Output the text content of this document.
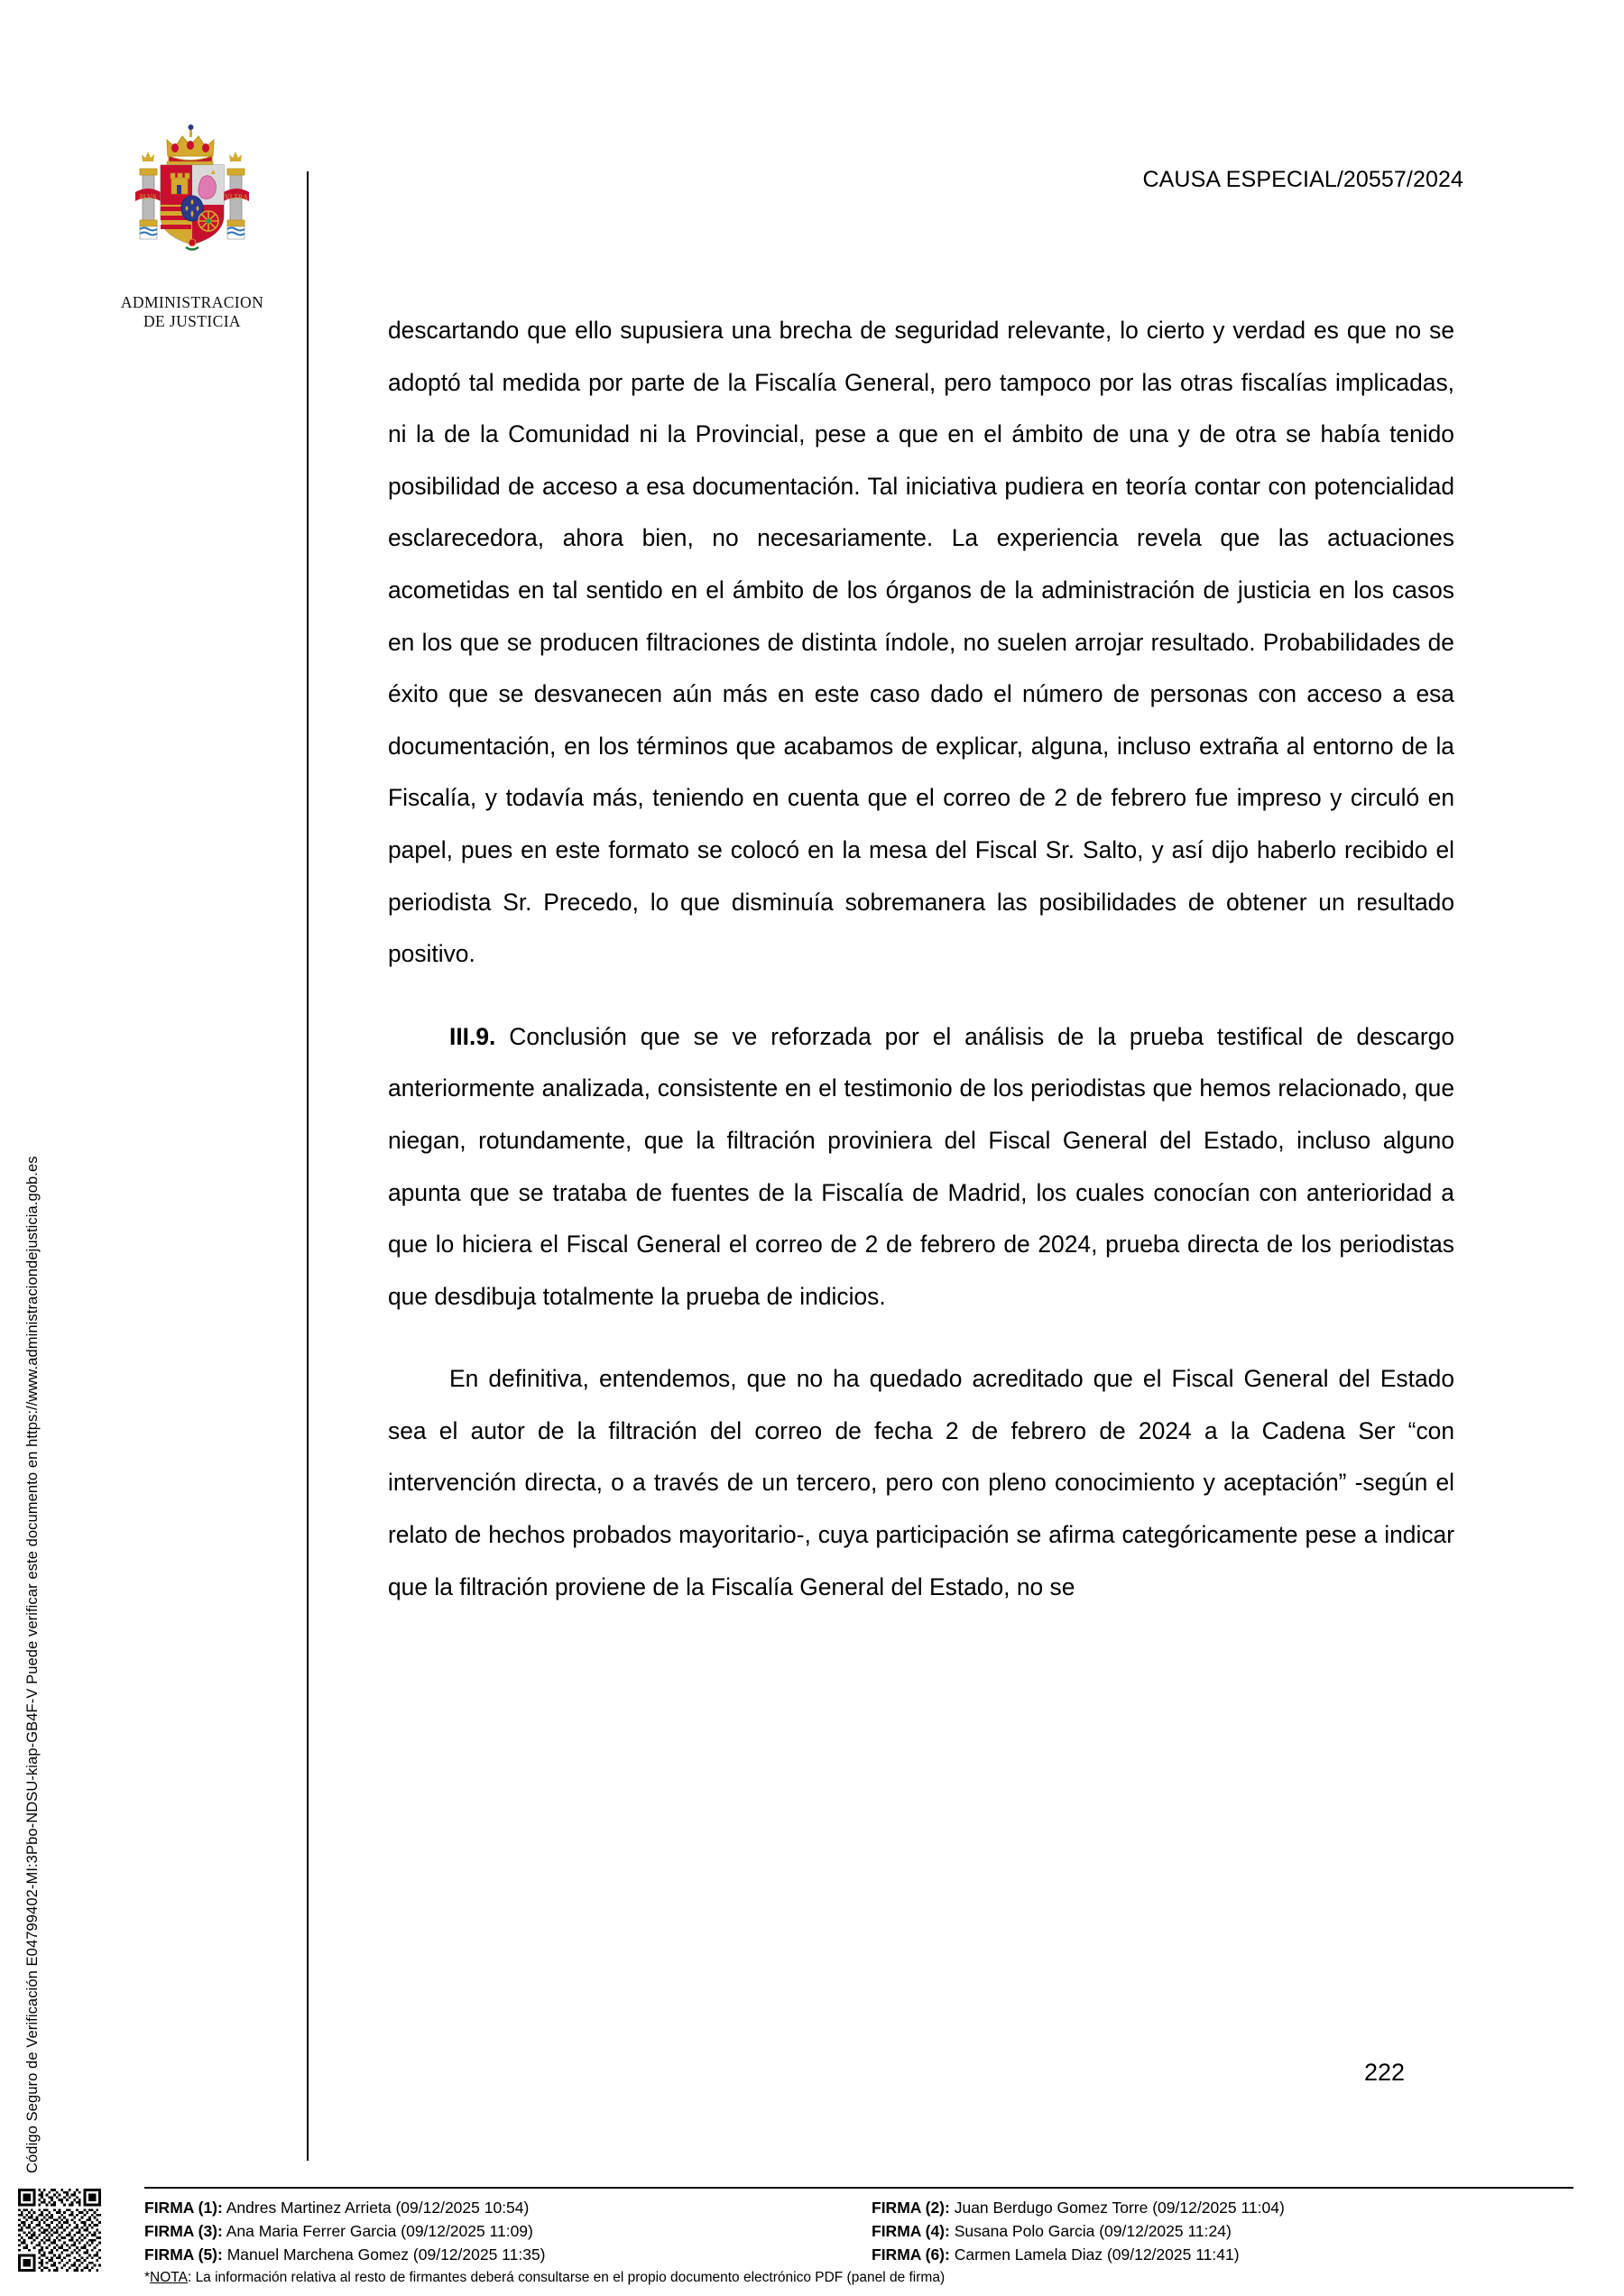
Código Seguro de Verificación E04799402-MI:3Pbo-NDSU-kiap-GB4F-V Puede verificar este documento en https://www.administraciondejusticia.gob.es
PLVS	VLTRA
ADMINISTRACION
DE JUSTICIA
CAUSA ESPECIAL/20557/2024

descartando que ello supusiera una brecha de seguridad relevante, lo cierto y verdad es que no se adoptó tal medida por parte de la Fiscalía General, pero tampoco por las otras fiscalías implicadas, ni la de la Comunidad ni la Provincial, pese a que en el ámbito de una y de otra se había tenido posibilidad de acceso a esa documentación. Tal iniciativa pudiera en teoría contar con potencialidad esclarecedora, ahora bien, no necesariamente. La experiencia revela que las actuaciones acometidas en tal sentido en el ámbito de los órganos de la administración de justicia en los casos en los que se producen filtraciones de distinta índole, no suelen arrojar resultado. Probabilidades de éxito que se desvanecen aún más en este caso dado el número de personas con acceso a esa documentación, en los términos que acabamos de explicar, alguna, incluso extraña al entorno de la Fiscalía, y todavía más, teniendo en cuenta que el correo de 2 de febrero fue impreso y circuló en papel, pues en este formato se colocó en la mesa del Fiscal Sr. Salto, y así dijo haberlo recibido el periodista Sr. Precedo, lo que disminuía sobremanera las posibilidades de obtener un resultado positivo.

III.9. Conclusión que se ve reforzada por el análisis de la prueba testifical de descargo anteriormente analizada, consistente en el testimonio de los periodistas que hemos relacionado, que niegan, rotundamente, que la filtración proviniera del Fiscal General del Estado, incluso alguno apunta que se trataba de fuentes de la Fiscalía de Madrid, los cuales conocían con anterioridad a que lo hiciera el Fiscal General el correo de 2 de febrero de 2024, prueba directa de los periodistas que desdibuja totalmente la prueba de indicios.

En definitiva, entendemos, que no ha quedado acreditado que el Fiscal General del Estado sea el autor de la filtración del correo de fecha 2 de febrero de 2024 a la Cadena Ser “con intervención directa, o a través de un tercero, pero con pleno conocimiento y aceptación” -según el relato de hechos probados mayoritario-, cuya participación se afirma categóricamente pese a indicar que la filtración proviene de la Fiscalía General del Estado, no se

222
FIRMA (1): Andres Martinez Arrieta (09/12/2025 10:54)	FIRMA (2): Juan Berdugo Gomez Torre (09/12/2025 11:04)
FIRMA (3): Ana Maria Ferrer Garcia (09/12/2025 11:09)	FIRMA (4): Susana Polo Garcia (09/12/2025 11:24)
FIRMA (5): Manuel Marchena Gomez (09/12/2025 11:35)	FIRMA (6): Carmen Lamela Diaz (09/12/2025 11:41)
*NOTA: La información relativa al resto de firmantes deberá consultarse en el propio documento electrónico PDF (panel de firma)
